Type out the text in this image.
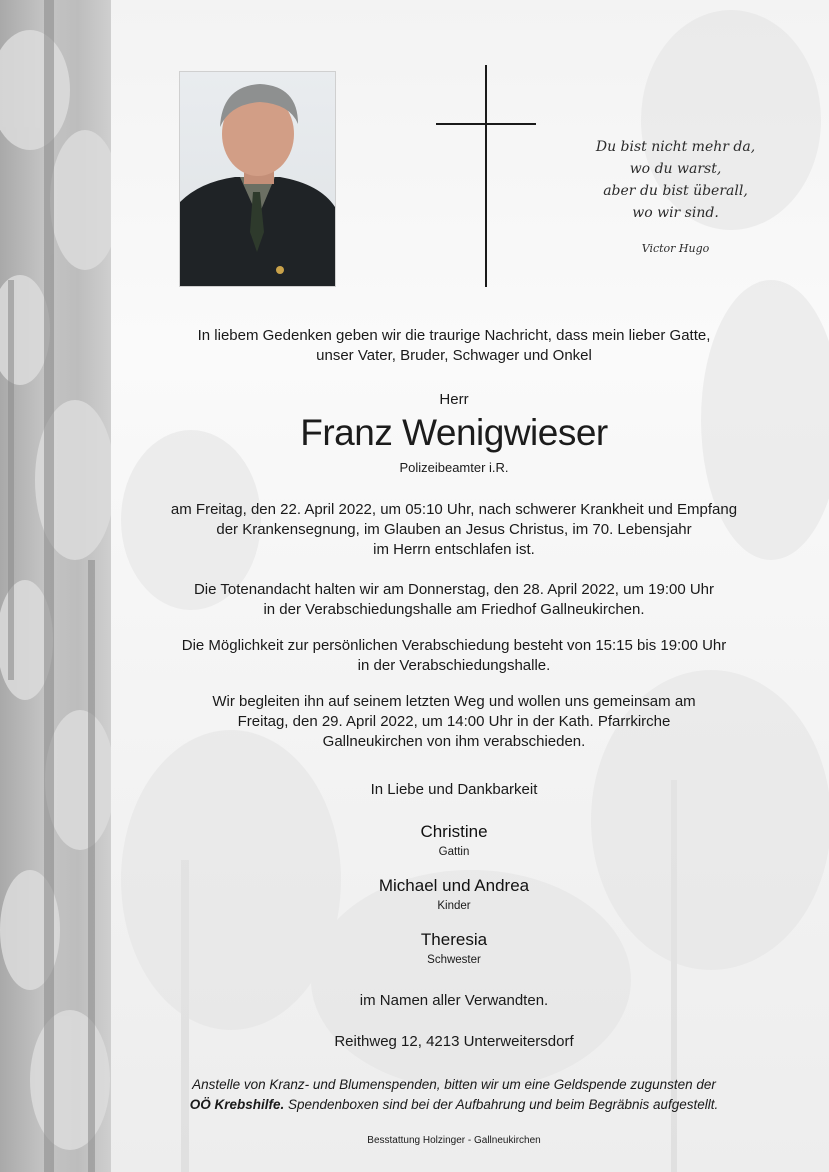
Du bist nicht mehr da,
wo du warst,
aber du bist überall,
wo wir sind.
Victor Hugo
In liebem Gedenken geben wir die traurige Nachricht, dass mein lieber Gatte,
unser Vater, Bruder, Schwager und Onkel
Herr
Franz Wenigwieser
Polizeibeamter i.R.
am Freitag, den 22. April 2022, um 05:10 Uhr, nach schwerer Krankheit und Empfang
der Krankensegnung, im Glauben an Jesus Christus, im 70. Lebensjahr
im Herrn entschlafen ist.
Die Totenandacht halten wir am Donnerstag, den 28. April 2022, um 19:00 Uhr
in der Verabschiedungshalle am Friedhof Gallneukirchen.
Die Möglichkeit zur persönlichen Verabschiedung besteht von 15:15 bis 19:00 Uhr
in der Verabschiedungshalle.
Wir begleiten ihn auf seinem letzten Weg und wollen uns gemeinsam am
Freitag, den 29. April 2022, um 14:00 Uhr in der Kath. Pfarrkirche
Gallneukirchen von ihm verabschieden.
In Liebe und Dankbarkeit
Christine
Gattin
Michael und Andrea
Kinder
Theresia
Schwester
im Namen aller Verwandten.
Reithweg 12, 4213 Unterweitersdorf
Anstelle von Kranz- und Blumenspenden, bitten wir um eine Geldspende zugunsten der
OÖ Krebshilfe. Spendenboxen sind bei der Aufbahrung und beim Begräbnis aufgestellt.
Besstattung Holzinger - Gallneukirchen
